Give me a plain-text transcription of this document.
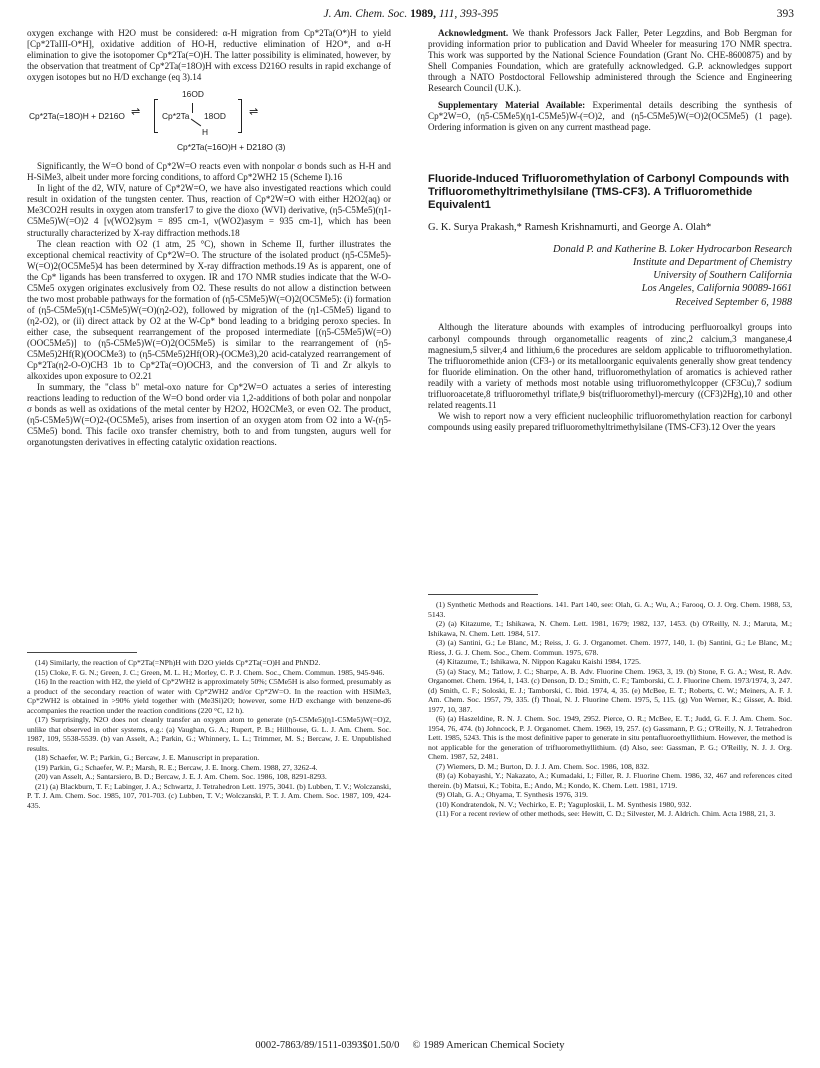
J. Am. Chem. Soc. 1989, 111, 393-395	393

oxygen exchange with H2O must be considered: α-H migration from Cp*2Ta(O*)H to yield [Cp*2TaIII-O*H], oxidative addition of HO-H, reductive elimination of H2O*, and α-H elimination to give the isotopomer Cp*2Ta(=O)H. The latter possibility is eliminated, however, by the observation that treatment of Cp*2Ta(=18O)H with excess D216O results in rapid exchange of oxygen isotopes but no H/D exchange (eq 3).14

Cp*2Ta(=18O)H + D216O ⇌
16OD
Cp*2Ta 18OD
H
⇌
Cp*2Ta(=16O)H + D218O (3)

Significantly, the W=O bond of Cp*2W=O reacts even with nonpolar σ bonds such as H-H and H-SiMe3, albeit under more forcing conditions, to afford Cp*2WH2 15 (Scheme I).16

In light of the d2, WIV, nature of Cp*2W=O, we have also investigated reactions which could result in oxidation of the tungsten center. Thus, reaction of Cp*2W=O with either H2O2(aq) or Me3CO2H results in oxygen atom transfer17 to give the dioxo (WVI) derivative, (η5-C5Me5)(η1-C5Me5)W(=O)2 4 [ν(WO2)sym = 895 cm-1, ν(WO2)asym = 935 cm-1], which has been structurally characterized by X-ray diffraction methods.18

The clean reaction with O2 (1 atm, 25 °C), shown in Scheme II, further illustrates the exceptional chemical reactivity of Cp*2W=O. The structure of the isolated product (η5-C5Me5)-W(=O)2(OC5Me5)4 has been determined by X-ray diffraction methods.19 As is apparent, one of the Cp* ligands has been transferred to oxygen. IR and 17O NMR studies indicate that the W-O-C5Me5 oxygen originates exclusively from O2. These results do not allow a distinction between the two most probable pathways for the formation of (η5-C5Me5)W(=O)2(OC5Me5): (i) formation of (η5-C5Me5)(η1-C5Me5)W(=O)(η2-O2), followed by migration of the (η1-C5Me5) ligand to (η2-O2), or (ii) direct attack by O2 at the W-Cp* bond leading to a bridging peroxo species. In either case, the subsequent rearrangement of the proposed intermediate [(η5-C5Me5)W(=O)(OOC5Me5)] to (η5-C5Me5)W(=O)2(OC5Me5) is similar to the rearrangement of (η5-C5Me5)2Hf(R)(OOCMe3) to (η5-C5Me5)2Hf(OR)-(OCMe3),20 acid-catalyzed rearrangement of Cp*2Ta(η2-O-O)CH3 1b to Cp*2Ta(=O)OCH3, and the conversion of Ti and Zr alkyls to alkoxides upon exposure to O2.21

In summary, the "class b" metal-oxo nature for Cp*2W=O actuates a series of interesting reactions leading to reduction of the W=O bond order via 1,2-additions of both polar and nonpolar σ bonds as well as oxidations of the metal center by H2O2, HO2CMe3, or even O2. The product, (η5-C5Me5)W(=O)2-(OC5Me5), arises from insertion of an oxygen atom from O2 into a W-(η5-C5Me5) bond. This facile oxo transfer chemistry, both to and from tungsten, augurs well for organotungsten derivatives in effecting catalytic oxidation reactions.

(14) Similarly, the reaction of Cp*2Ta(=NPh)H with D2O yields Cp*2Ta(=O)H and PhND2.

(15) Cloke, F. G. N.; Green, J. C.; Green, M. L. H.; Morley, C. P. J. Chem. Soc., Chem. Commun. 1985, 945-946.

(16) In the reaction with H2, the yield of Cp*2WH2 is approximately 50%; C5Me5H is also formed, presumably as a product of the secondary reaction of water with Cp*2WH2 and/or Cp*2W=O. In the reaction with HSiMe3, Cp*2WH2 is obtained in >90% yield together with (Me3Si)2O; however, some H/D exchange with benzene-d6 accompanies the reaction under the reaction conditions (220 °C, 12 h).

(17) Surprisingly, N2O does not cleanly transfer an oxygen atom to generate (η5-C5Me5)(η1-C5Me5)W(=O)2, unlike that observed in other systems, e.g.: (a) Vaughan, G. A.; Rupert, P. B.; Hillhouse, G. L. J. Am. Chem. Soc. 1987, 109, 5538-5539. (b) van Asselt, A.; Parkin, G.; Whinnery, L. L.; Trimmer, M. S.; Bercaw, J. E. Unpublished results.

(18) Schaefer, W. P.; Parkin, G.; Bercaw, J. E. Manuscript in preparation.

(19) Parkin, G.; Schaefer, W. P.; Marsh, R. E.; Bercaw, J. E. Inorg. Chem. 1988, 27, 3262-4.

(20) van Asselt, A.; Santarsiero, B. D.; Bercaw, J. E. J. Am. Chem. Soc. 1986, 108, 8291-8293.

(21) (a) Blackburn, T. F.; Labinger, J. A.; Schwartz, J. Tetrahedron Lett. 1975, 3041. (b) Lubben, T. V.; Wolczanski, P. T. J. Am. Chem. Soc. 1985, 107, 701-703. (c) Lubben, T. V.; Wolczanski, P. T. J. Am. Chem. Soc. 1987, 109, 424-435.

Acknowledgment. We thank Professors Jack Faller, Peter Legzdins, and Bob Bergman for providing information prior to publication and David Wheeler for measuring 17O NMR spectra. This work was supported by the National Science Foundation (Grant No. CHE-8600875) and by Shell Companies Foundation, which are gratefully acknowledged. G.P. acknowledges support through a NATO Postdoctoral Fellowship administered through the Science and Engineering Research Council (U.K.).

Supplementary Material Available: Experimental details describing the synthesis of Cp*2W=O, (η5-C5Me5)(η1-C5Me5)W-(=O)2, and (η5-C5Me5)W(=O)2(OC5Me5) (1 page). Ordering information is given on any current masthead page.

Fluoride-Induced Trifluoromethylation of Carbonyl Compounds with Trifluoromethyltrimethylsilane (TMS-CF3). A Trifluoromethide Equivalent1
G. K. Surya Prakash,* Ramesh Krishnamurti, and George A. Olah*
Donald P. and Katherine B. Loker Hydrocarbon Research
Institute and Department of Chemistry
University of Southern California
Los Angeles, California 90089-1661
Received September 6, 1988

Although the literature abounds with examples of introducing perfluoroalkyl groups into carbonyl compounds through organometallic reagents of zinc,2 calcium,3 manganese,4 magnesium,5 silver,4 and lithium,6 the procedures are seldom applicable to trifluoromethylation. The trifluoromethide anion (CF3-) or its metalloorganic equivalents generally show great tendency for fluoride elimination. On the other hand, trifluoromethylation of aromatics is achieved rather readily with a variety of methods most notable using trifluoromethylcopper (CF3Cu),7 sodium trifluoroacetate,8 trifluoromethyl triflate,9 bis(trifluoromethyl)-mercury ((CF3)2Hg),10 and other related reagents.11

We wish to report now a very efficient nucleophilic trifluoromethylation reaction for carbonyl compounds using easily prepared trifluoromethyltrimethylsilane (TMS-CF3).12 Over the years

(1) Synthetic Methods and Reactions. 141. Part 140, see: Olah, G. A.; Wu, A.; Farooq, O. J. Org. Chem. 1988, 53, 5143.

(2) (a) Kitazume, T.; Ishikawa, N. Chem. Lett. 1981, 1679; 1982, 137, 1453. (b) O'Reilly, N. J.; Maruta, M.; Ishikawa, N. Chem. Lett. 1984, 517.

(3) (a) Santini, G.; Le Blanc, M.; Reiss, J. G. J. Organomet. Chem. 1977, 140, 1. (b) Santini, G.; Le Blanc, M.; Riess, J. G. J. Chem. Soc., Chem. Commun. 1975, 678.

(4) Kitazume, T.; Ishikawa, N. Nippon Kagaku Kaishi 1984, 1725.

(5) (a) Stacy, M.; Tatlow, J. C.; Sharpe, A. B. Adv. Fluorine Chem. 1963, 3, 19. (b) Stone, F. G. A.; West, R. Adv. Organomet. Chem. 1964, 1, 143. (c) Denson, D. D.; Smith, C. F.; Tamborski, C. J. Fluorine Chem. 1973/1974, 3, 247. (d) Smith, C. F.; Soloski, E. J.; Tamborski, C. Ibid. 1974, 4, 35. (e) McBee, E. T.; Roberts, C. W.; Meiners, A. F. J. Am. Chem. Soc. 1957, 79, 335. (f) Thoai, N. J. Fluorine Chem. 1975, 5, 115. (g) Von Werner, K.; Gisser, A. Ibid. 1977, 10, 387.

(6) (a) Haszeldine, R. N. J. Chem. Soc. 1949, 2952. Pierce, O. R.; McBee, E. T.; Judd, G. F. J. Am. Chem. Soc. 1954, 76, 474. (b) Johncock, P. J. Organomet. Chem. 1969, 19, 257. (c) Gassmann, P. G.; O'Reilly, N. J. Tetrahedron Lett. 1985, 5243. This is the most definitive paper to generate in situ pentafluoroethyllithium. However, the method is not applicable for the generation of trifluoromethyllithium. (d) Also, see: Gassman, P. G.; O'Reilly, N. J. J. Org. Chem. 1987, 52, 2481.

(7) Wiemers, D. M.; Burton, D. J. J. Am. Chem. Soc. 1986, 108, 832.

(8) (a) Kobayashi, Y.; Nakazato, A.; Kumadaki, I.; Filler, R. J. Fluorine Chem. 1986, 32, 467 and references cited therein. (b) Matsui, K.; Tobita, E.; Ando, M.; Kondo, K. Chem. Lett. 1981, 1719.

(9) Olah, G. A.; Ohyama, T. Synthesis 1976, 319.

(10) Kondratendok, N. V.; Vechirko, E. P.; Yaguploskii, L. M. Synthesis 1980, 932.

(11) For a recent review of other methods, see: Hewitt, C. D.; Silvester, M. J. Aldrich. Chim. Acta 1988, 21, 3.

0002-7863/89/1511-0393$01.50/0 © 1989 American Chemical Society
